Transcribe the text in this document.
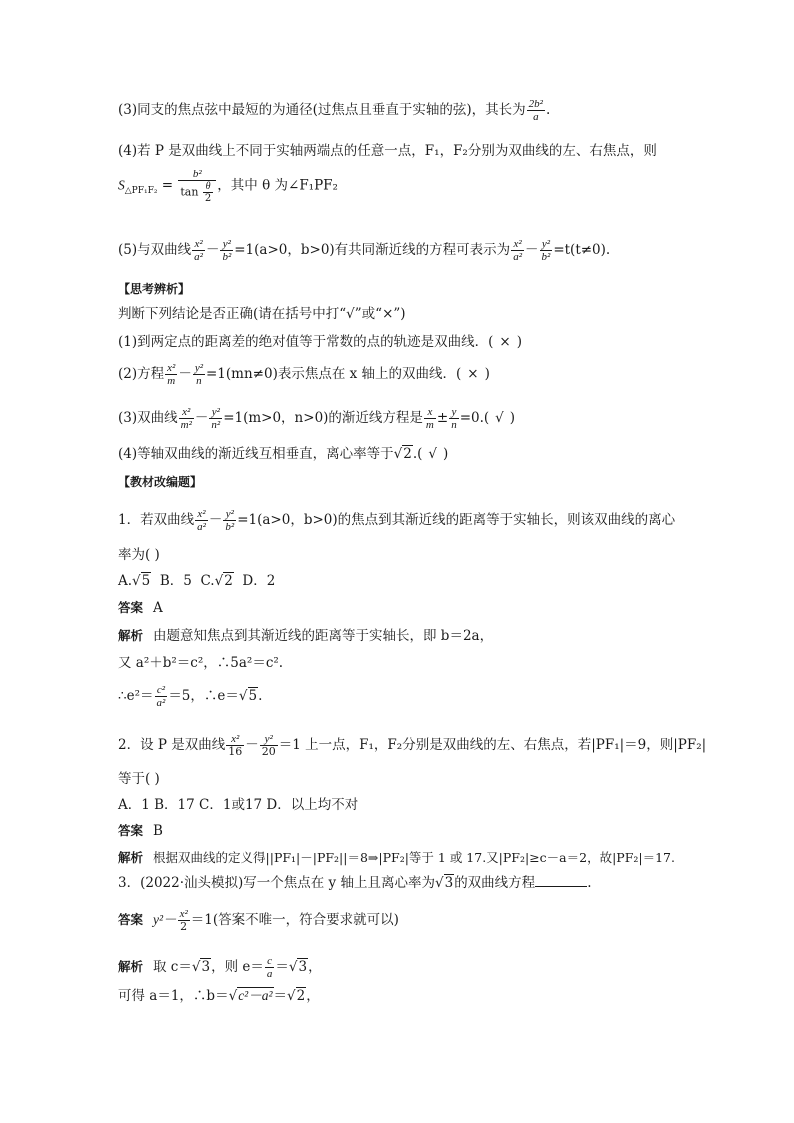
(3)同支的焦点弦中最短的为通径(过焦点且垂直于实轴的弦)，其长为 $\frac{\text{2b²}}{a}$ .
(4)若 P 是双曲线上不同于实轴两端点的任意一点，F₁，F₂分别为双曲线的左、右焦点，则
$S_{\triangle PF_1F_2} = \frac{\text{b²}}{\tan \frac{\theta}{2}}$ ，其中 θ 为∠F₁PF₂
(5)与双曲线 $\frac{\text{x²}}{\text{a²}} - \frac{\text{y²}}{\text{b²}} =1(a>0$，b>0)有共同渐近线的方程可表示为 $\frac{\text{x²}}{\text{a²}} - \frac{\text{y²}}{\text{b²}} =t(t\ne 0)$.
【思考辨析】
判断下列结论是否正确(请在括号中打“√”或“×”)
(1)到两定点的距离差的绝对值等于常数的点的轨迹是双曲线．( × )
(2)方程 $\frac{\text{x²}}{m} - \frac{\text{y²}}{n} =1(mn\ne 0)$表示焦点在 x 轴上的双曲线．( × )
(3)双曲线 $\frac{\text{x²}}{\text{m²}} - \frac{\text{y²}}{\text{n²}} =1(m>0$，n>0)的渐近线方程是 $\frac{x}{m} \pm \frac{y}{n} =0$.( √ )
(4)等轴双曲线的渐近线互相垂直，离心率等于√2.( √ )
【教材改编题】
1．若双曲线 $\frac{\text{x²}}{\text{a²}} - \frac{\text{y²}}{\text{b²}} =1(a>0$，b>0)的焦点到其渐近线的距离等于实轴长，则该双曲线的离心
率为( )
A.√5 B．5 C.√2 D．2
答案 A
解析 由题意知焦点到其渐近线的距离等于实轴长，即 b＝2a，
又 a²＋b²＝c²，∴5a²＝c².
∴e²＝ $\frac{\text{c²}}{\text{a²}} =5$，∴e＝√5.
2．设 P 是双曲线 $\frac{\text{x²}}{16} - \frac{\text{y²}}{20} =1$ 上一点，F₁，F₂分别是双曲线的左、右焦点，若|PF₁|＝9，则|PF₂|
等于( )
A．1 B．17 C．1或17 D．以上均不对
答案 B
解析 根据双曲线的定义得||PF₁|－|PF₂||＝8⇒|PF₂|等于 1 或 17.又|PF₂|≥c－a＝2，故|PF₂|＝17.
3．(2022·汕头模拟)写一个焦点在 y 轴上且离心率为√3的双曲线方程	.
答案 $y^2- \frac{\text{x²}}{2} =1$(答案不唯一，符合要求就可以)
解析 取 c＝√3，则 $e= \frac{c}{a} =√3$，
可得 a＝1，∴b＝√c²－a²＝√2，
